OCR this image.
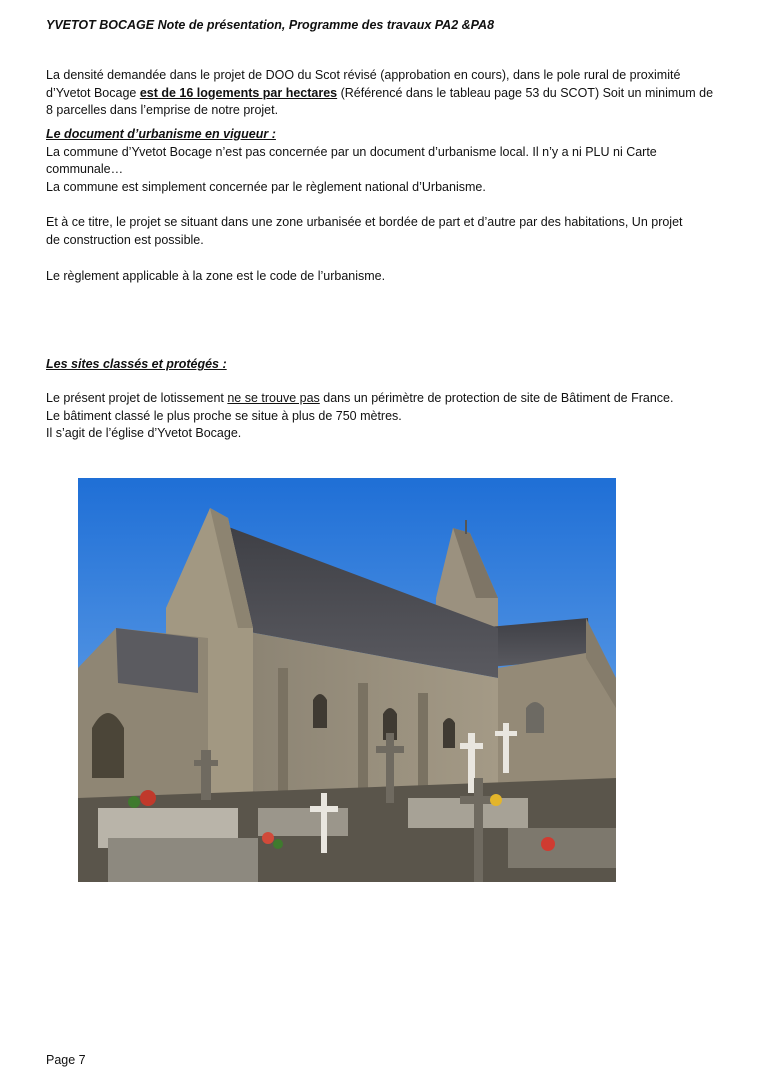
YVETOT BOCAGE Note de présentation, Programme des travaux PA2 &PA8
La densité demandée dans le projet de DOO du Scot révisé (approbation en cours), dans le pole rural de proximité
d’Yvetot Bocage est de 16 logements par hectares (Référencé dans le tableau page 53 du SCOT) Soit un minimum de
8 parcelles dans l’emprise de notre projet.
Le document d’urbanisme en vigueur :
La commune d’Yvetot Bocage n’est pas concernée par un document d’urbanisme local. Il n’y a ni PLU ni Carte
communale…
La commune est simplement concernée par le règlement national d’Urbanisme.
Et à ce titre, le projet se situant dans une zone urbanisée et bordée de part et d’autre par des habitations, Un projet
de construction est possible.
Le règlement applicable à la zone est le code de l’urbanisme.
Les sites classés et protégés :
Le présent projet de lotissement ne se trouve pas dans un périmètre de protection de site de Bâtiment de France.
Le bâtiment classé le plus proche se situe à plus de 750 mètres.
Il s’agit de l’église d’Yvetot Bocage.
Page 7
